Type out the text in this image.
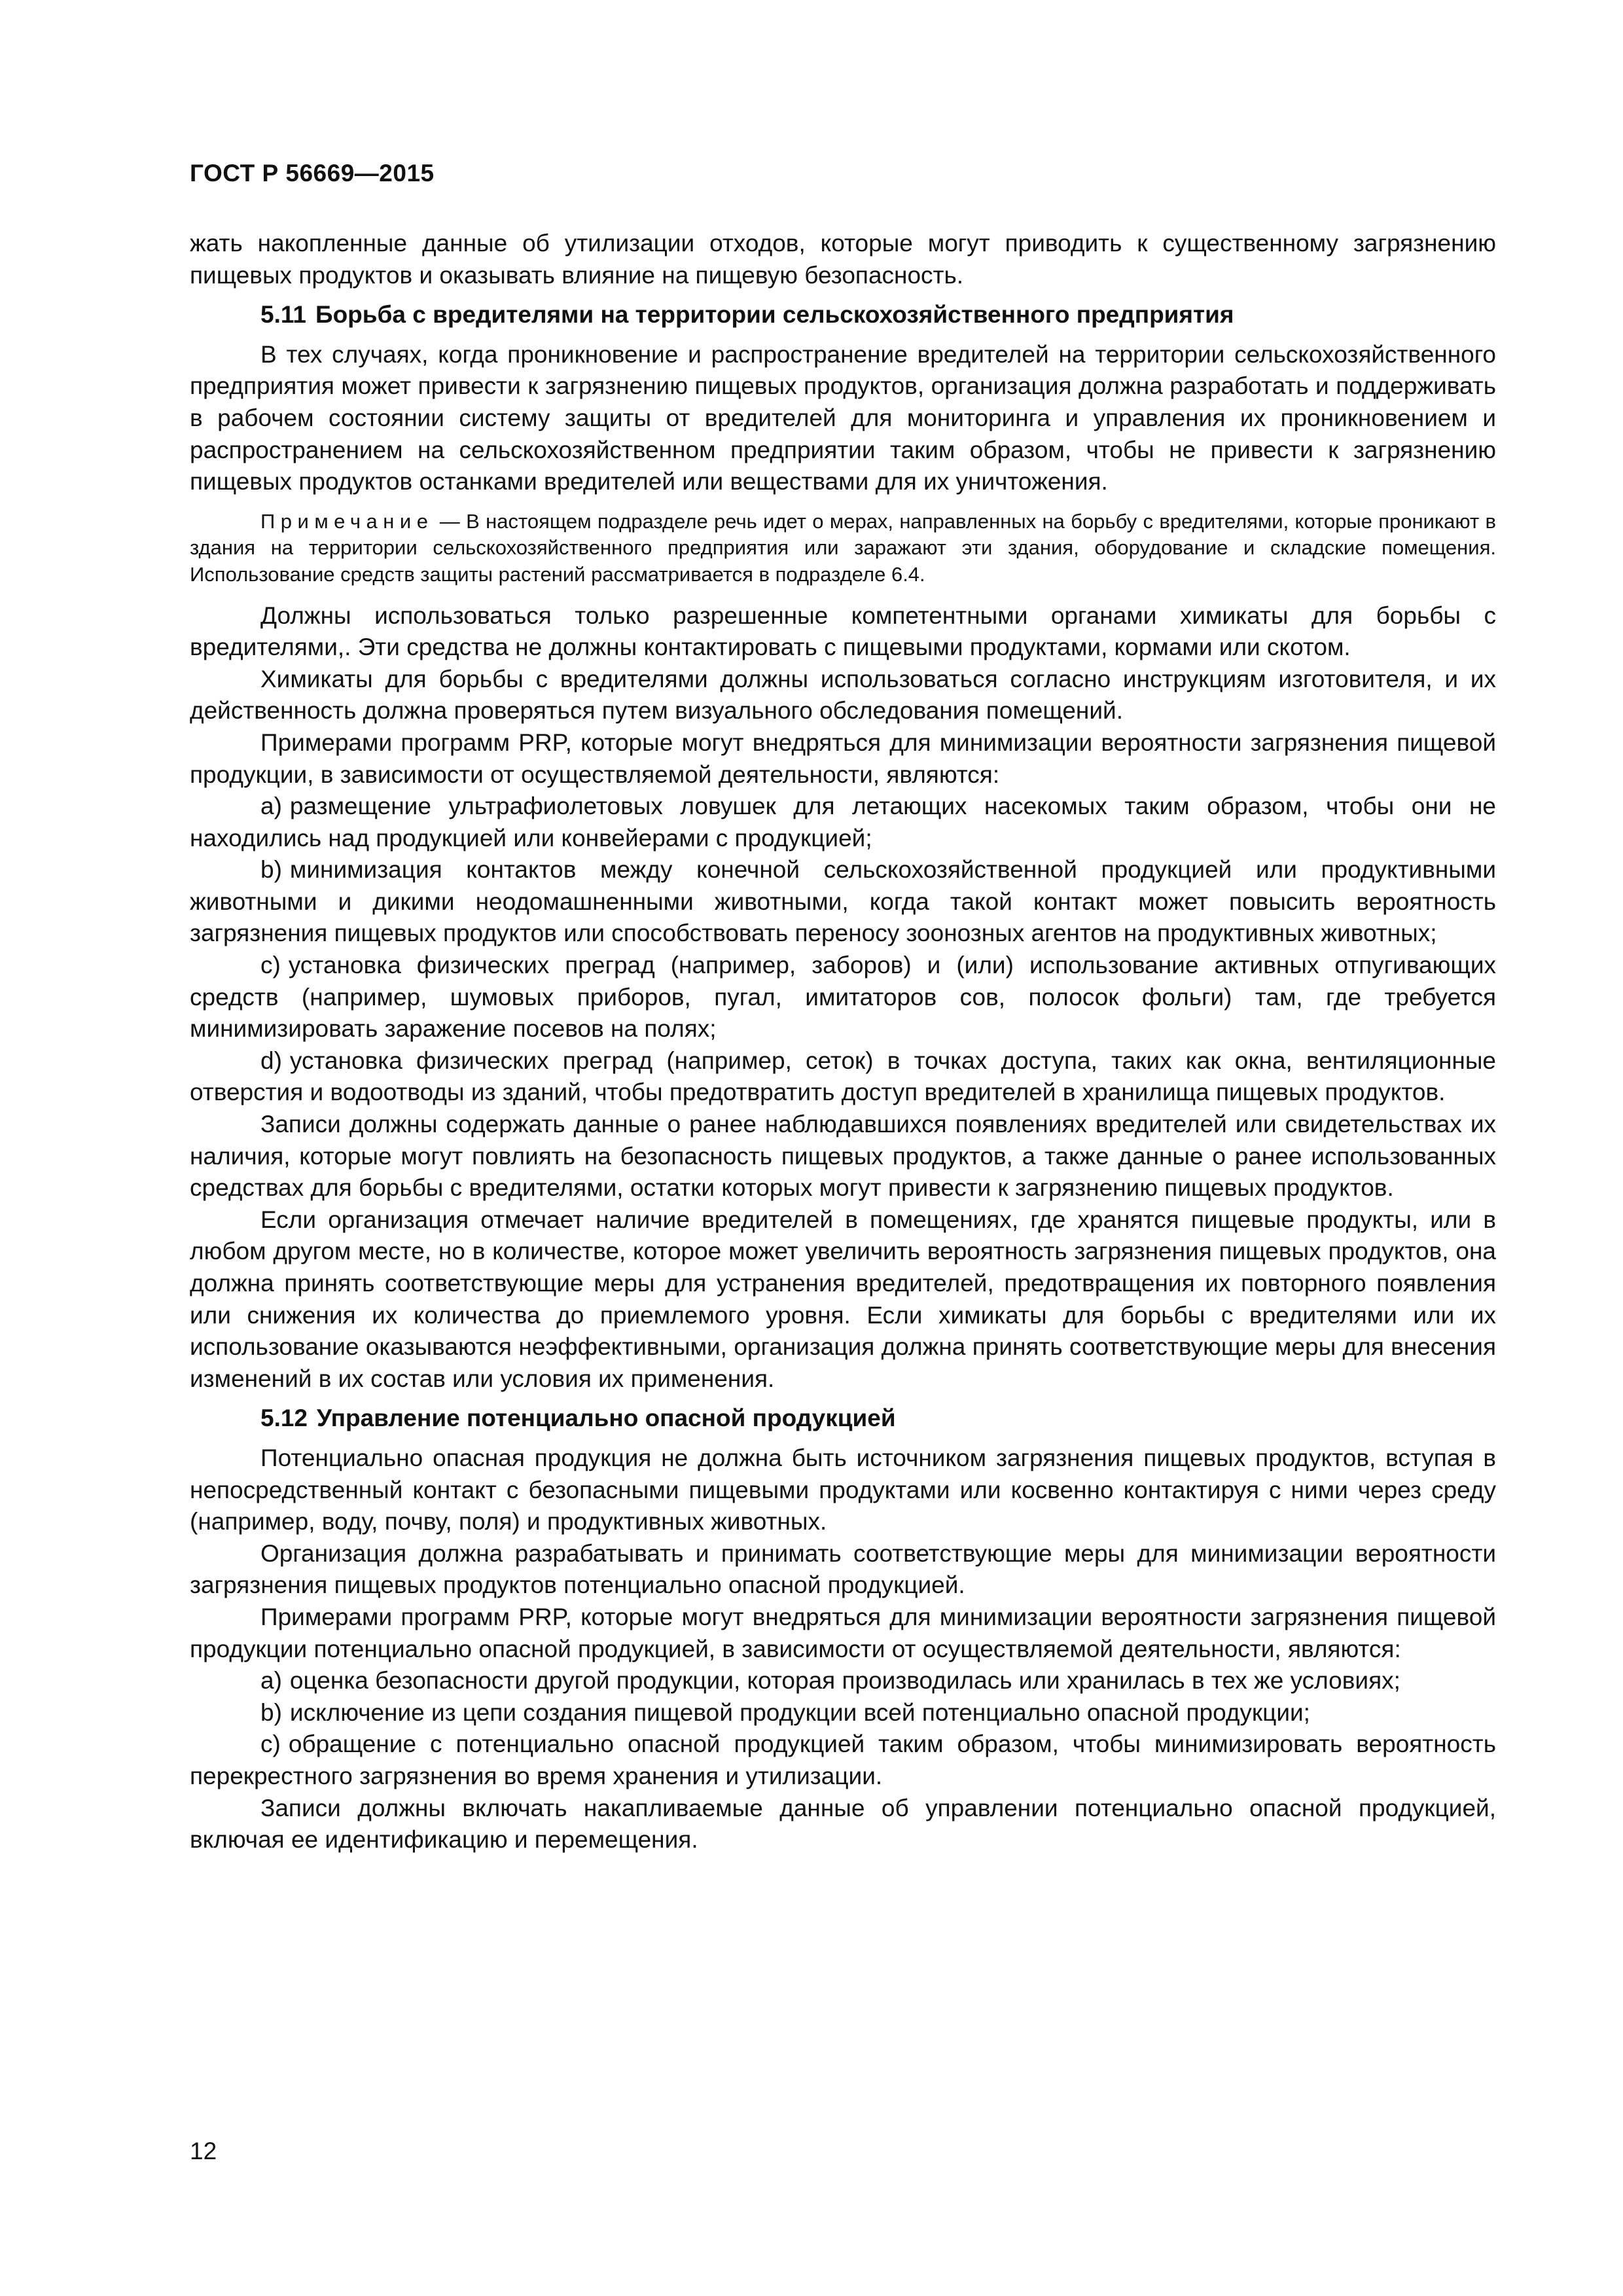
ГОСТ Р 56669—2015

жать накопленные данные об утилизации отходов, которые могут приводить к существенному загрязнению пищевых продуктов и оказывать влияние на пищевую безопасность.

5.11 Борьба с вредителями на территории сельскохозяйственного предприятия

В тех случаях, когда проникновение и распространение вредителей на территории сельскохозяйственного предприятия может привести к загрязнению пищевых продуктов, организация должна разработать и поддерживать в рабочем состоянии систему защиты от вредителей для мониторинга и управления их проникновением и распространением на сельскохозяйственном предприятии таким образом, чтобы не привести к загрязнению пищевых продуктов останками вредителей или веществами для их уничтожения.

Примечание — В настоящем подразделе речь идет о мерах, направленных на борьбу с вредителями, которые проникают в здания на территории сельскохозяйственного предприятия или заражают эти здания, оборудование и складские помещения. Использование средств защиты растений рассматривается в подразделе 6.4.

Должны использоваться только разрешенные компетентными органами химикаты для борьбы с вредителями,. Эти средства не должны контактировать с пищевыми продуктами, кормами или скотом.

Химикаты для борьбы с вредителями должны использоваться согласно инструкциям изготовителя, и их действенность должна проверяться путем визуального обследования помещений.

Примерами программ PRP, которые могут внедряться для минимизации вероятности загрязнения пищевой продукции, в зависимости от осуществляемой деятельности, являются:

a) размещение ультрафиолетовых ловушек для летающих насекомых таким образом, чтобы они не находились над продукцией или конвейерами с продукцией;

b) минимизация контактов между конечной сельскохозяйственной продукцией или продуктивными животными и дикими неодомашненными животными, когда такой контакт может повысить вероятность загрязнения пищевых продуктов или способствовать переносу зоонозных агентов на продуктивных животных;

c) установка физических преград (например, заборов) и (или) использование активных отпугивающих средств (например, шумовых приборов, пугал, имитаторов сов, полосок фольги) там, где требуется минимизировать заражение посевов на полях;

d) установка физических преград (например, сеток) в точках доступа, таких как окна, вентиляционные отверстия и водоотводы из зданий, чтобы предотвратить доступ вредителей в хранилища пищевых продуктов.

Записи должны содержать данные о ранее наблюдавшихся появлениях вредителей или свидетельствах их наличия, которые могут повлиять на безопасность пищевых продуктов, а также данные о ранее использованных средствах для борьбы с вредителями, остатки которых могут привести к загрязнению пищевых продуктов.

Если организация отмечает наличие вредителей в помещениях, где хранятся пищевые продукты, или в любом другом месте, но в количестве, которое может увеличить вероятность загрязнения пищевых продуктов, она должна принять соответствующие меры для устранения вредителей, предотвращения их повторного появления или снижения их количества до приемлемого уровня. Если химикаты для борьбы с вредителями или их использование оказываются неэффективными, организация должна принять соответствующие меры для внесения изменений в их состав или условия их применения.

5.12 Управление потенциально опасной продукцией

Потенциально опасная продукция не должна быть источником загрязнения пищевых продуктов, вступая в непосредственный контакт с безопасными пищевыми продуктами или косвенно контактируя с ними через среду (например, воду, почву, поля) и продуктивных животных.

Организация должна разрабатывать и принимать соответствующие меры для минимизации вероятности загрязнения пищевых продуктов потенциально опасной продукцией.

Примерами программ PRP, которые могут внедряться для минимизации вероятности загрязнения пищевой продукции потенциально опасной продукцией, в зависимости от осуществляемой деятельности, являются:

a) оценка безопасности другой продукции, которая производилась или хранилась в тех же условиях;

b) исключение из цепи создания пищевой продукции всей потенциально опасной продукции;

c) обращение с потенциально опасной продукцией таким образом, чтобы минимизировать вероятность перекрестного загрязнения во время хранения и утилизации.

Записи должны включать накапливаемые данные об управлении потенциально опасной продукцией, включая ее идентификацию и перемещения.

12
